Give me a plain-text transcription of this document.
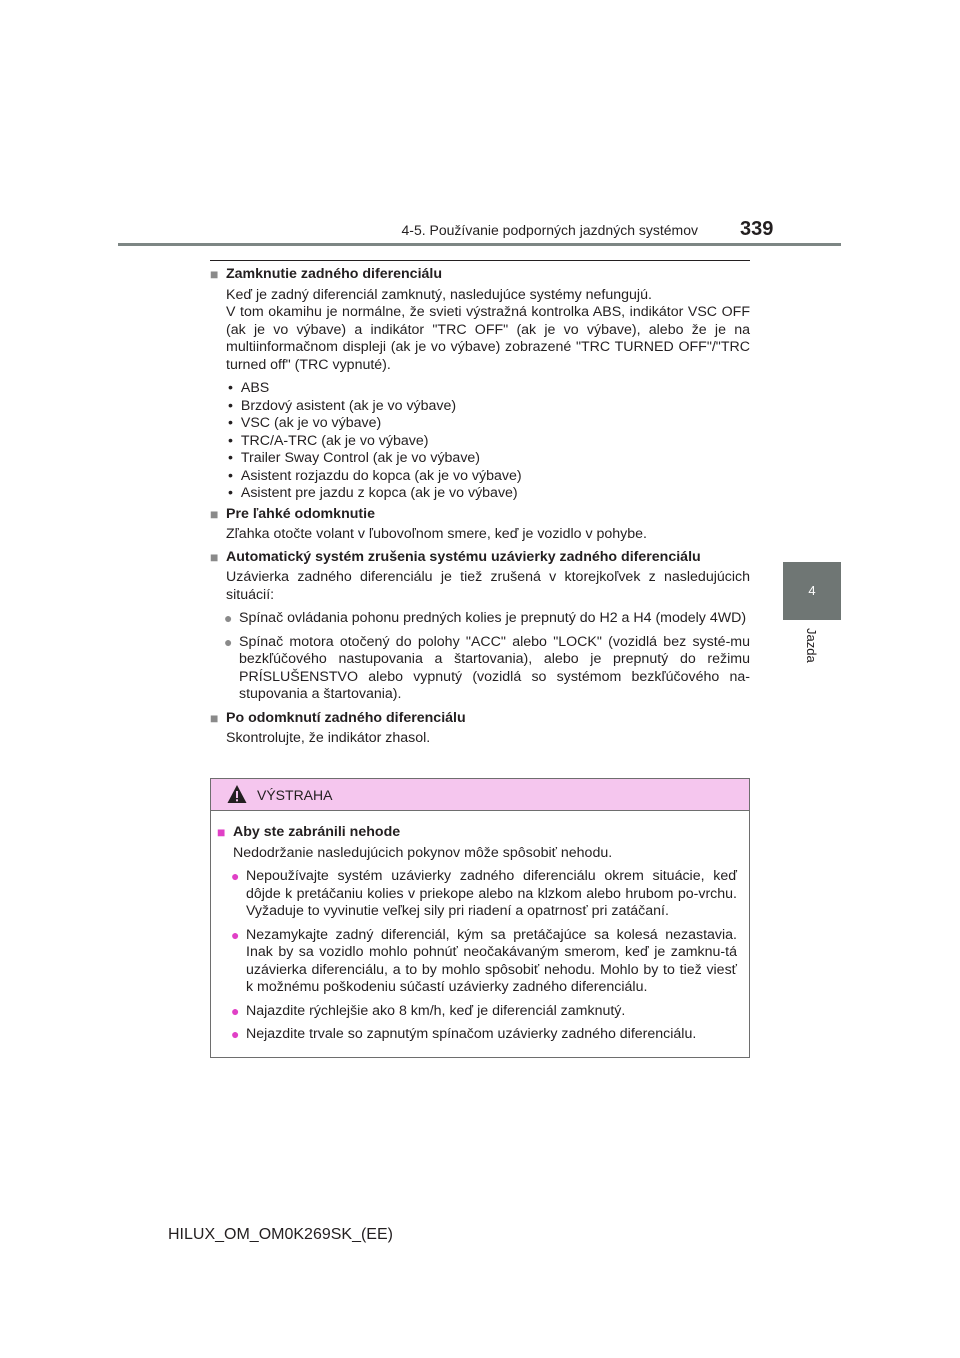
4-5. Používanie podporných jazdných systémov 339
4
Jazda
■ Zamknutie zadného diferenciálu

Keď je zadný diferenciál zamknutý, nasledujúce systémy nefungujú.
V tom okamihu je normálne, že svieti výstražná kontrolka ABS, indikátor VSC OFF (ak je vo výbave) a indikátor "TRC OFF" (ak je vo výbave), alebo že je na multiinformačnom displeji (ak je vo výbave) zobrazené "TRC TURNED OFF"/"TRC turned off" (TRC vypnuté).

•  ABS
•  Brzdový asistent (ak je vo výbave)
•  VSC (ak je vo výbave)
•  TRC/A-TRC (ak je vo výbave)
•  Trailer Sway Control (ak je vo výbave)
•  Asistent rozjazdu do kopca (ak je vo výbave)
•  Asistent pre jazdu z kopca (ak je vo výbave)
■ Pre ľahké odomknutie

Zľahka otočte volant v ľubovoľnom smere, keď je vozidlo v pohybe.

■ Automatický systém zrušenia systému uzávierky zadného diferenciálu

Uzávierka zadného diferenciálu je tiež zrušená v ktorejkoľvek z nasledujúcich situácií:

● Spínač ovládania pohonu predných kolies je prepnutý do H2 a H4 (modely 4WD)
● Spínač motora otočený do polohy "ACC" alebo "LOCK" (vozidlá bez systé-mu bezkľúčového nastupovania a štartovania), alebo je prepnutý do režimu PRÍSLUŠENSTVO alebo vypnutý (vozidlá so systémom bezkľúčového na-stupovania a štartovania).
■ Po odomknutí zadného diferenciálu

Skontrolujte, že indikátor zhasol.

VÝSTRAHA
■ Aby ste zabránili nehode

Nedodržanie nasledujúcich pokynov môže spôsobiť nehodu.

● Nepoužívajte systém uzávierky zadného diferenciálu okrem situácie, keď dôjde k pretáčaniu kolies v priekope alebo na klzkom alebo hrubom po-vrchu. Vyžaduje to vyvinutie veľkej sily pri riadení a opatrnosť pri zatáčaní.
● Nezamykajte zadný diferenciál, kým sa pretáčajúce sa kolesá nezastavia. Inak by sa vozidlo mohlo pohnúť neočakávaným smerom, keď je zamknu-tá uzávierka diferenciálu, a to by mohlo spôsobiť nehodu. Mohlo by to tiež viesť k možnému poškodeniu súčastí uzávierky zadného diferenciálu.
● Najazdite rýchlejšie ako 8 km/h, keď je diferenciál zamknutý.
● Nejazdite trvale so zapnutým spínačom uzávierky zadného diferenciálu.
HILUX_OM_OM0K269SK_(EE)
